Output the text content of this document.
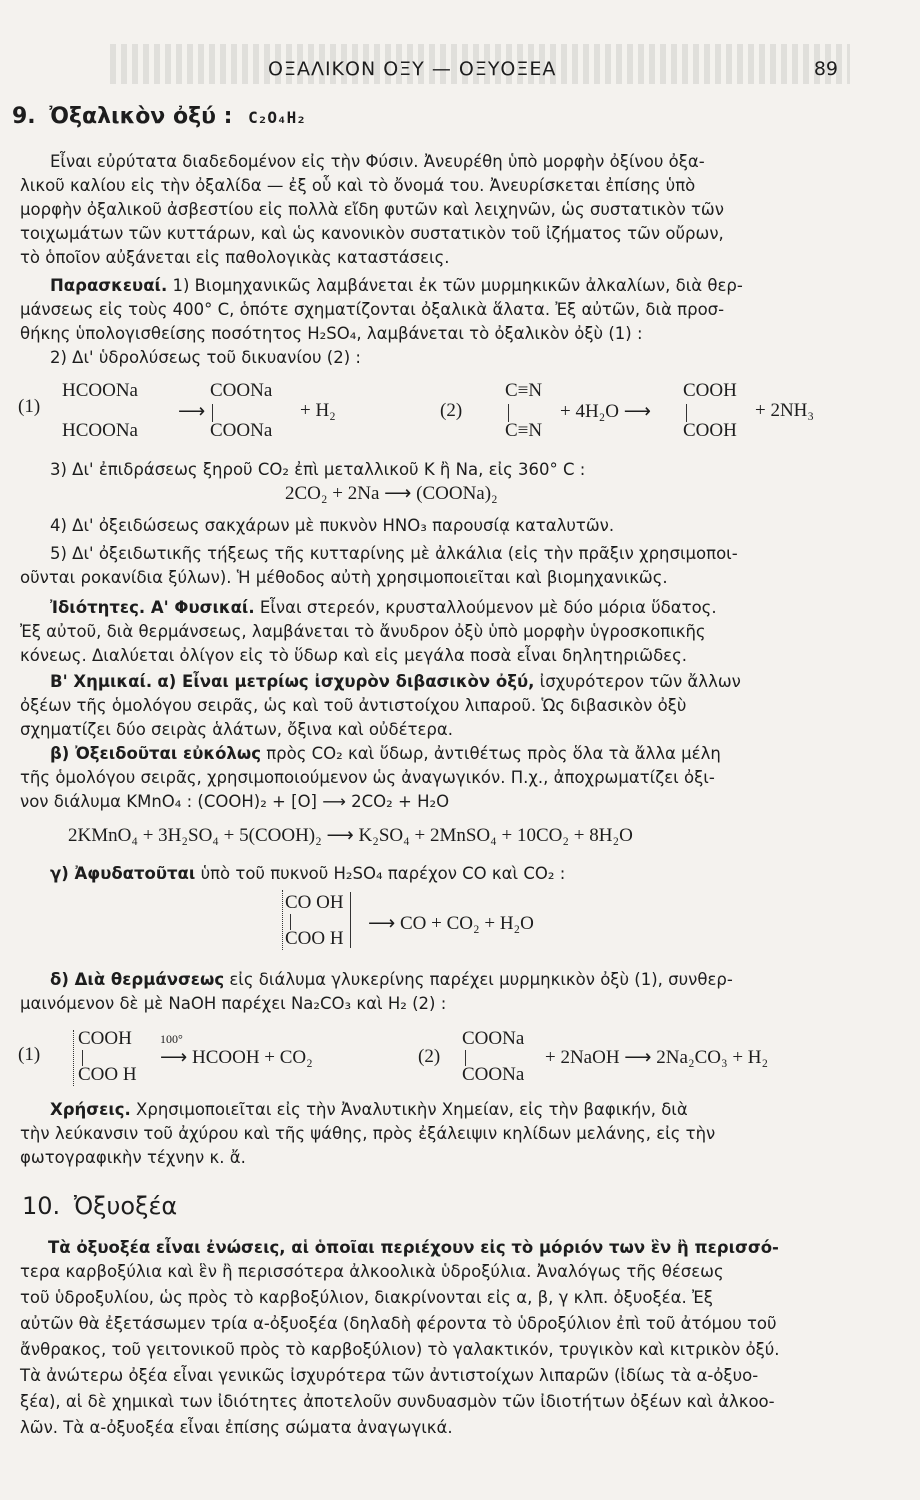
ΟΞΑΛΙΚΟΝ ΟΞΥ — ΟΞΥΟΞΕΑ	89
9. Ὀξαλικὸν ὀξύ : C₂O₄H₂
Εἶναι εὐρύτατα διαδεδομένον εἰς τὴν Φύσιν. Ἀνευρέθη ὑπὸ μορφὴν ὀξίνου ὀξα-
λικοῦ καλίου εἰς τὴν ὀξαλίδα — ἐξ οὗ καὶ τὸ ὄνομά του. Ἀνευρίσκεται ἐπίσης ὑπὸ
μορφὴν ὀξαλικοῦ ἀσβεστίου εἰς πολλὰ εἴδη φυτῶν καὶ λειχηνῶν, ὡς συστατικὸν τῶν
τοιχωμάτων τῶν κυττάρων, καὶ ὡς κανονικὸν συστατικὸν τοῦ ἰζήματος τῶν οὔρων,
τὸ ὁποῖον αὐξάνεται εἰς παθολογικὰς καταστάσεις.
Παρασκευαί. 1) Βιομηχανικῶς λαμβάνεται ἐκ τῶν μυρμηκικῶν ἀλκαλίων, διὰ θερ-
μάνσεως εἰς τοὺς 400° C, ὁπότε σχηματίζονται ὀξαλικὰ ἅλατα. Ἐξ αὐτῶν, διὰ προσ-
θήκης ὑπολογισθείσης ποσότητος H₂SO₄, λαμβάνεται τὸ ὀξαλικὸν ὀξὺ (1) :
2) Δι' ὑδρολύσεως τοῦ δικυανίου (2) :
(1)
HCOONa
HCOONa
⟶
COONa
COONa
+ H₂	(2)
C≡N
C≡N
+ 4H₂O ⟶
COOH
COOH
+ 2NH₃
3) Δι' ἐπιδράσεως ξηροῦ CO₂ ἐπὶ μεταλλικοῦ K ἢ Na, εἰς 360° C :
2CO₂ + 2Na ⟶ (COONa)₂
4) Δι' ὀξειδώσεως σακχάρων μὲ πυκνὸν HNO₃ παρουσίᾳ καταλυτῶν.
5) Δι' ὀξειδωτικῆς τήξεως τῆς κυτταρίνης μὲ ἀλκάλια (εἰς τὴν πρᾶξιν χρησιμοποι-
οῦνται ροκανίδια ξύλων). Ἡ μέθοδος αὐτὴ χρησιμοποιεῖται καὶ βιομηχανικῶς.
Ἰδιότητες. Α' Φυσικαί. Εἶναι στερεόν, κρυσταλλούμενον μὲ δύο μόρια ὕδατος.
Ἐξ αὐτοῦ, διὰ θερμάνσεως, λαμβάνεται τὸ ἄνυδρον ὀξὺ ὑπὸ μορφὴν ὑγροσκοπικῆς
κόνεως. Διαλύεται ὀλίγον εἰς τὸ ὕδωρ καὶ εἰς μεγάλα ποσὰ εἶναι δηλητηριῶδες.
Β' Χημικαί. α) Εἶναι μετρίως ἰσχυρὸν διβασικὸν ὀξύ, ἰσχυρότερον τῶν ἄλλων
ὀξέων τῆς ὁμολόγου σειρᾶς, ὡς καὶ τοῦ ἀντιστοίχου λιπαροῦ. Ὡς διβασικὸν ὀξὺ
σχηματίζει δύο σειρὰς ἁλάτων, ὄξινα καὶ οὐδέτερα.
β) Ὀξειδοῦται εὐκόλως πρὸς CO₂ καὶ ὕδωρ, ἀντιθέτως πρὸς ὅλα τὰ ἄλλα μέλη
τῆς ὁμολόγου σειρᾶς, χρησιμοποιούμενον ὡς ἀναγωγικόν. Π.χ., ἀποχρωματίζει ὀξι-
νον διάλυμα KMnO₄ : (COOH)₂ + [O] ⟶ 2CO₂ + H₂O
2KMnO₄ + 3H₂SO₄ + 5(COOH)₂ ⟶ K₂SO₄ + 2MnSO₄ + 10CO₂ + 8H₂O
γ) Ἀφυδατοῦται ὑπὸ τοῦ πυκνοῦ H₂SO₄ παρέχον CO καὶ CO₂ :
CO OH
COO H
⟶ CO + CO₂ + H₂O
δ) Διὰ θερμάνσεως εἰς διάλυμα γλυκερίνης παρέχει μυρμηκικὸν ὀξὺ (1), συνθερ-
μαινόμενον δὲ μὲ NaOH παρέχει Na₂CO₃ καὶ H₂ (2) :
(1)
COOH
COO H
100°
⟶ HCOOH + CO₂	(2)
COONa
COONa
+ 2NaOH ⟶ 2Na₂CO₃ + H₂
Χρήσεις. Χρησιμοποιεῖται εἰς τὴν Ἀναλυτικὴν Χημείαν, εἰς τὴν βαφικήν, διὰ
τὴν λεύκανσιν τοῦ ἀχύρου καὶ τῆς ψάθης, πρὸς ἐξάλειψιν κηλίδων μελάνης, εἰς τὴν
φωτογραφικὴν τέχνην κ. ἄ.
10. Ὀξυοξέα
Τὰ ὀξυοξέα εἶναι ἐνώσεις, αἱ ὁποῖαι περιέχουν εἰς τὸ μόριόν των ἓν ἢ περισσό-
τερα καρβοξύλια καὶ ἓν ἢ περισσότερα ἀλκοολικὰ ὑδροξύλια. Ἀναλόγως τῆς θέσεως
τοῦ ὑδροξυλίου, ὡς πρὸς τὸ καρβοξύλιον, διακρίνονται εἰς α, β, γ κλπ. ὀξυοξέα. Ἐξ
αὐτῶν θὰ ἐξετάσωμεν τρία α-ὀξυοξέα (δηλαδὴ φέροντα τὸ ὑδροξύλιον ἐπὶ τοῦ ἀτόμου τοῦ
ἄνθρακος, τοῦ γειτονικοῦ πρὸς τὸ καρβοξύλιον) τὸ γαλακτικόν, τρυγικὸν καὶ κιτρικὸν ὀξύ.
Τὰ ἀνώτερω ὀξέα εἶναι γενικῶς ἰσχυρότερα τῶν ἀντιστοίχων λιπαρῶν (ἰδίως τὰ α-ὀξυο-
ξέα), αἱ δὲ χημικαὶ των ἰδιότητες ἀποτελοῦν συνδυασμὸν τῶν ἰδιοτήτων ὀξέων καὶ ἀλκοο-
λῶν. Τὰ α-ὀξυοξέα εἶναι ἐπίσης σώματα ἀναγωγικά.
